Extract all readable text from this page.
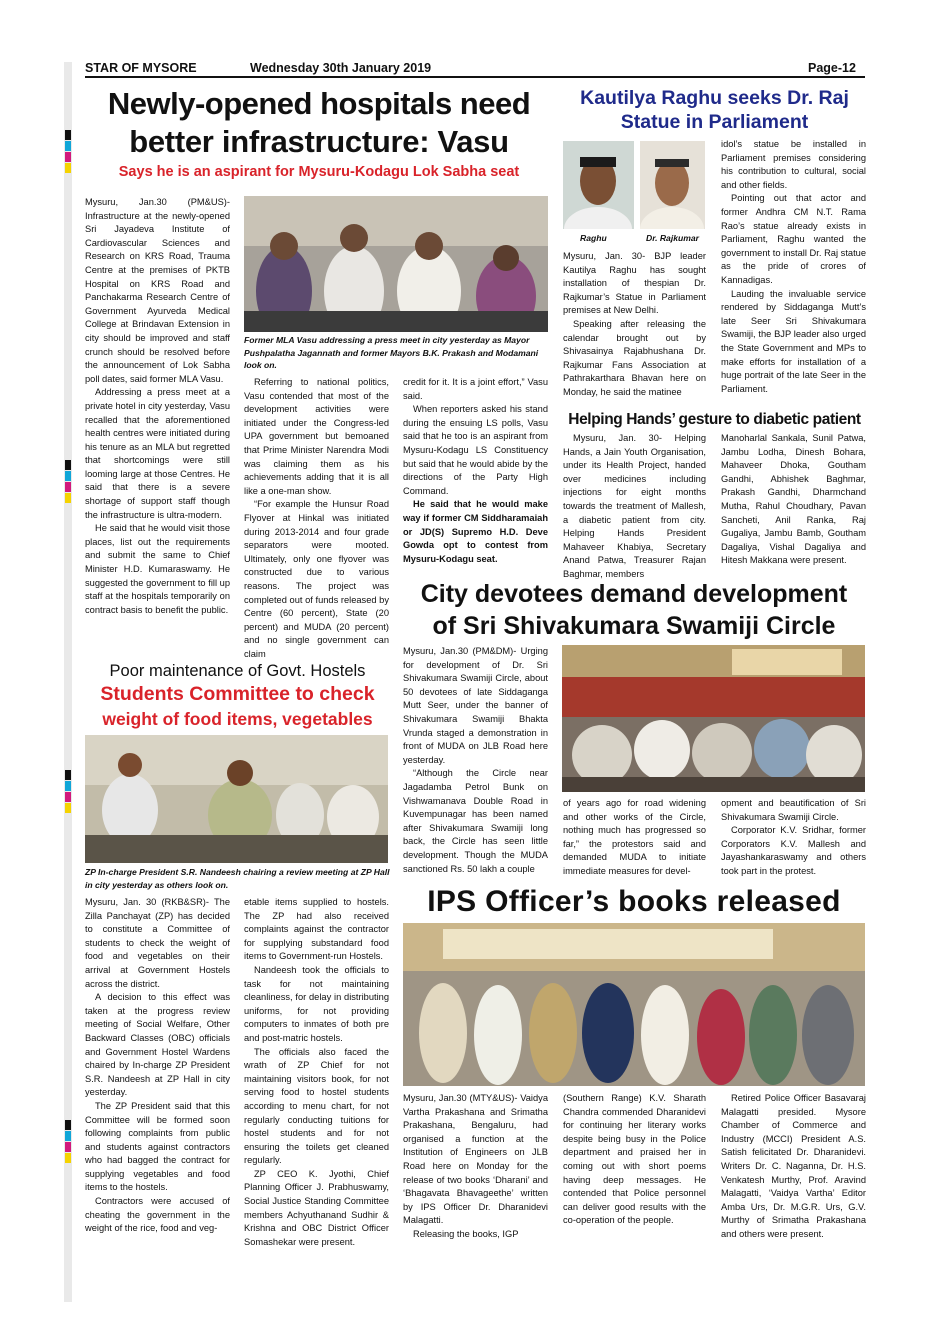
STAR OF MYSORE	Wednesday 30th January 2019	Page-12
Newly-opened hospitals need
better infrastructure: Vasu
Says he is an aspirant for Mysuru-Kodagu Lok Sabha seat

Mysuru, Jan.30 (PM&US)- Infrastructure at the newly-opened Sri Jayadeva Institute of Cardiovascular Sciences and Research on KRS Road, Trauma Centre at the premises of PKTB Hospital on KRS Road and Panchakarma Research Centre of Government Ayurveda Medical College at Brindavan Extension in city should be improved and staff crunch should be resolved before the announcement of Lok Sabha poll dates, said former MLA Vasu.

Addressing a press meet at a private hotel in city yesterday, Vasu recalled that the aforementioned health centres were initiated during his tenure as an MLA but regretted that shortcomings were still looming large at those Centres. He said that there is a severe shortage of support staff though the infrastructure is ultra-modern.

He said that he would visit those places, list out the requirements and submit the same to Chief Minister H.D. Kumaraswamy. He suggested the government to fill up staff at the hospitals temporarily on contract basis to benefit the public.

Former MLA Vasu addressing a press meet in city yesterday as Mayor Pushpalatha Jagannath and former Mayors B.K. Prakash and Modamani look on.

Referring to national politics, Vasu contended that most of the development activities were initiated under the Congress-led UPA government but bemoaned that Prime Minister Narendra Modi was claiming them as his achievements adding that it is all like a one-man show.

“For example the Hunsur Road Flyover at Hinkal was initiated during 2013-2014 and four grade separators were mooted. Ultimately, only one flyover was constructed due to various reasons. The project was completed out of funds released by Centre (60 percent), State (20 percent) and MUDA (20 percent) and no single government can claim

credit for it. It is a joint effort,” Vasu said.

When reporters asked his stand during the ensuing LS polls, Vasu said that he too is an aspirant from Mysuru-Kodagu LS Constituency but said that he would abide by the directions of the Party High Command.

He said that he would make way if former CM Siddharamaiah or JD(S) Supremo H.D. Deve Gowda opt to contest from Mysuru-Kodagu seat.

Kautilya Raghu seeks Dr. Raj Statue in Parliament
Raghu	Dr. Rajkumar

Mysuru, Jan. 30- BJP leader Kautilya Raghu has sought installation of thespian Dr. Rajkumar’s Statue in Parliament premises at New Delhi.

Speaking after releasing the calendar brought out by Shivasainya Rajabhushana Dr. Rajkumar Fans Association at Pathrakarthara Bhavan here on Monday, he said the matinee

idol’s statue be installed in Parliament premises considering his contribution to cultural, social and other fields.

Pointing out that actor and former Andhra CM N.T. Rama Rao’s statue already exists in Parliament, Raghu wanted the government to install Dr. Raj statue as the pride of crores of Kannadigas.

Lauding the invaluable service rendered by Siddaganga Mutt’s late Seer Sri Shivakumara Swamiji, the BJP leader also urged the State Government and MPs to make efforts for installation of a huge portrait of the late Seer in the Parliament.

Helping Hands’ gesture to diabetic patient

Mysuru, Jan. 30- Helping Hands, a Jain Youth Organisation, under its Health Project, handed over medicines including injections for eight months towards the treatment of Mallesh, a diabetic patient from city. Helping Hands President Mahaveer Khabiya, Secretary Anand Patwa, Treasurer Rajan Baghmar, members

Manoharlal Sankala, Sunil Patwa, Jambu Lodha, Dinesh Bohara, Mahaveer Dhoka, Goutham Gandhi, Abhishek Baghmar, Prakash Gandhi, Dharmchand Mutha, Rahul Choudhary, Pavan Sancheti, Anil Ranka, Raj Gugaliya, Jambu Bamb, Goutham Dagaliya, Vishal Dagaliya and Hitesh Makkana were present.

City devotees demand development
of Sri Shivakumara Swamiji Circle

Mysuru, Jan.30 (PM&DM)- Urging for development of Dr. Sri Shivakumara Swamiji Circle, about 50 devotees of late Siddaganga Mutt Seer, under the banner of Shivakumara Swamiji Bhakta Vrunda staged a demonstration in front of MUDA on JLB Road here yesterday.

“Although the Circle near Jagadamba Petrol Bunk on Vishwamanava Double Road in Kuvempunagar has been named after Shivakumara Swamiji long back, the Circle has seen little development. Though the MUDA sanctioned Rs. 50 lakh a couple

of years ago for road widening and other works of the Circle, nothing much has progressed so far,” the protestors said and demanded MUDA to initiate immediate measures for devel-

opment and beautification of Sri Shivakumara Swamiji Circle.

Corporator K.V. Sridhar, former Corporators K.V. Mallesh and Jayashankaraswamy and others took part in the protest.

Poor maintenance of Govt. Hostels
Students Committee to check
weight of food items, vegetables
ZP In-charge President S.R. Nandeesh chairing a review meeting at ZP Hall in city yesterday as others look on.

Mysuru, Jan. 30 (RKB&SR)- The Zilla Panchayat (ZP) has decided to constitute a Committee of students to check the weight of food and vegetables on their arrival at Government Hostels across the district.

A decision to this effect was taken at the progress review meeting of Social Welfare, Other Backward Classes (OBC) officials and Government Hostel Wardens chaired by In-charge ZP President S.R. Nandeesh at ZP Hall in city yesterday.

The ZP President said that this Committee will be formed soon following complaints from public and students against contractors who had bagged the contract for supplying vegetables and food items to the hostels.

Contractors were accused of cheating the government in the weight of the rice, food and veg-

etable items supplied to hostels. The ZP had also received complaints against the contractor for supplying substandard food items to Government-run Hostels.

Nandeesh took the officials to task for not maintaining cleanliness, for delay in distributing uniforms, for not providing computers to inmates of both pre and post-matric hostels.

The officials also faced the wrath of ZP Chief for not maintaining visitors book, for not serving food to hostel students according to menu chart, for not regularly conducting tuitions for hostel students and for not ensuring the toilets get cleaned regularly.

ZP CEO K. Jyothi, Chief Planning Officer J. Prabhuswamy, Social Justice Standing Committee members Achyuthanand Sudhir & Krishna and OBC District Officer Somashekar were present.

IPS Officer’s books released

Mysuru, Jan.30 (MTY&US)- Vaidya Vartha Prakashana and Srimatha Prakashana, Bengaluru, had organised a function at the Institution of Engineers on JLB Road here on Monday for the release of two books ‘Dharani’ and ‘Bhagavata Bhavageethe’ written by IPS Officer Dr. Dharanidevi Malagatti.

Releasing the books, IGP

(Southern Range) K.V. Sharath Chandra commended Dharanidevi for continuing her literary works despite being busy in the Police department and praised her in coming out with short poems having deep messages. He contended that Police personnel can deliver good results with the co-operation of the people.

Retired Police Officer Basavaraj Malagatti presided. Mysore Chamber of Commerce and Industry (MCCI) President A.S. Satish felicitated Dr. Dharanidevi. Writers Dr. C. Naganna, Dr. H.S. Venkatesh Murthy, Prof. Aravind Malagatti, ‘Vaidya Vartha’ Editor Amba Urs, Dr. M.G.R. Urs, G.V. Murthy of Srimatha Prakashana and others were present.
